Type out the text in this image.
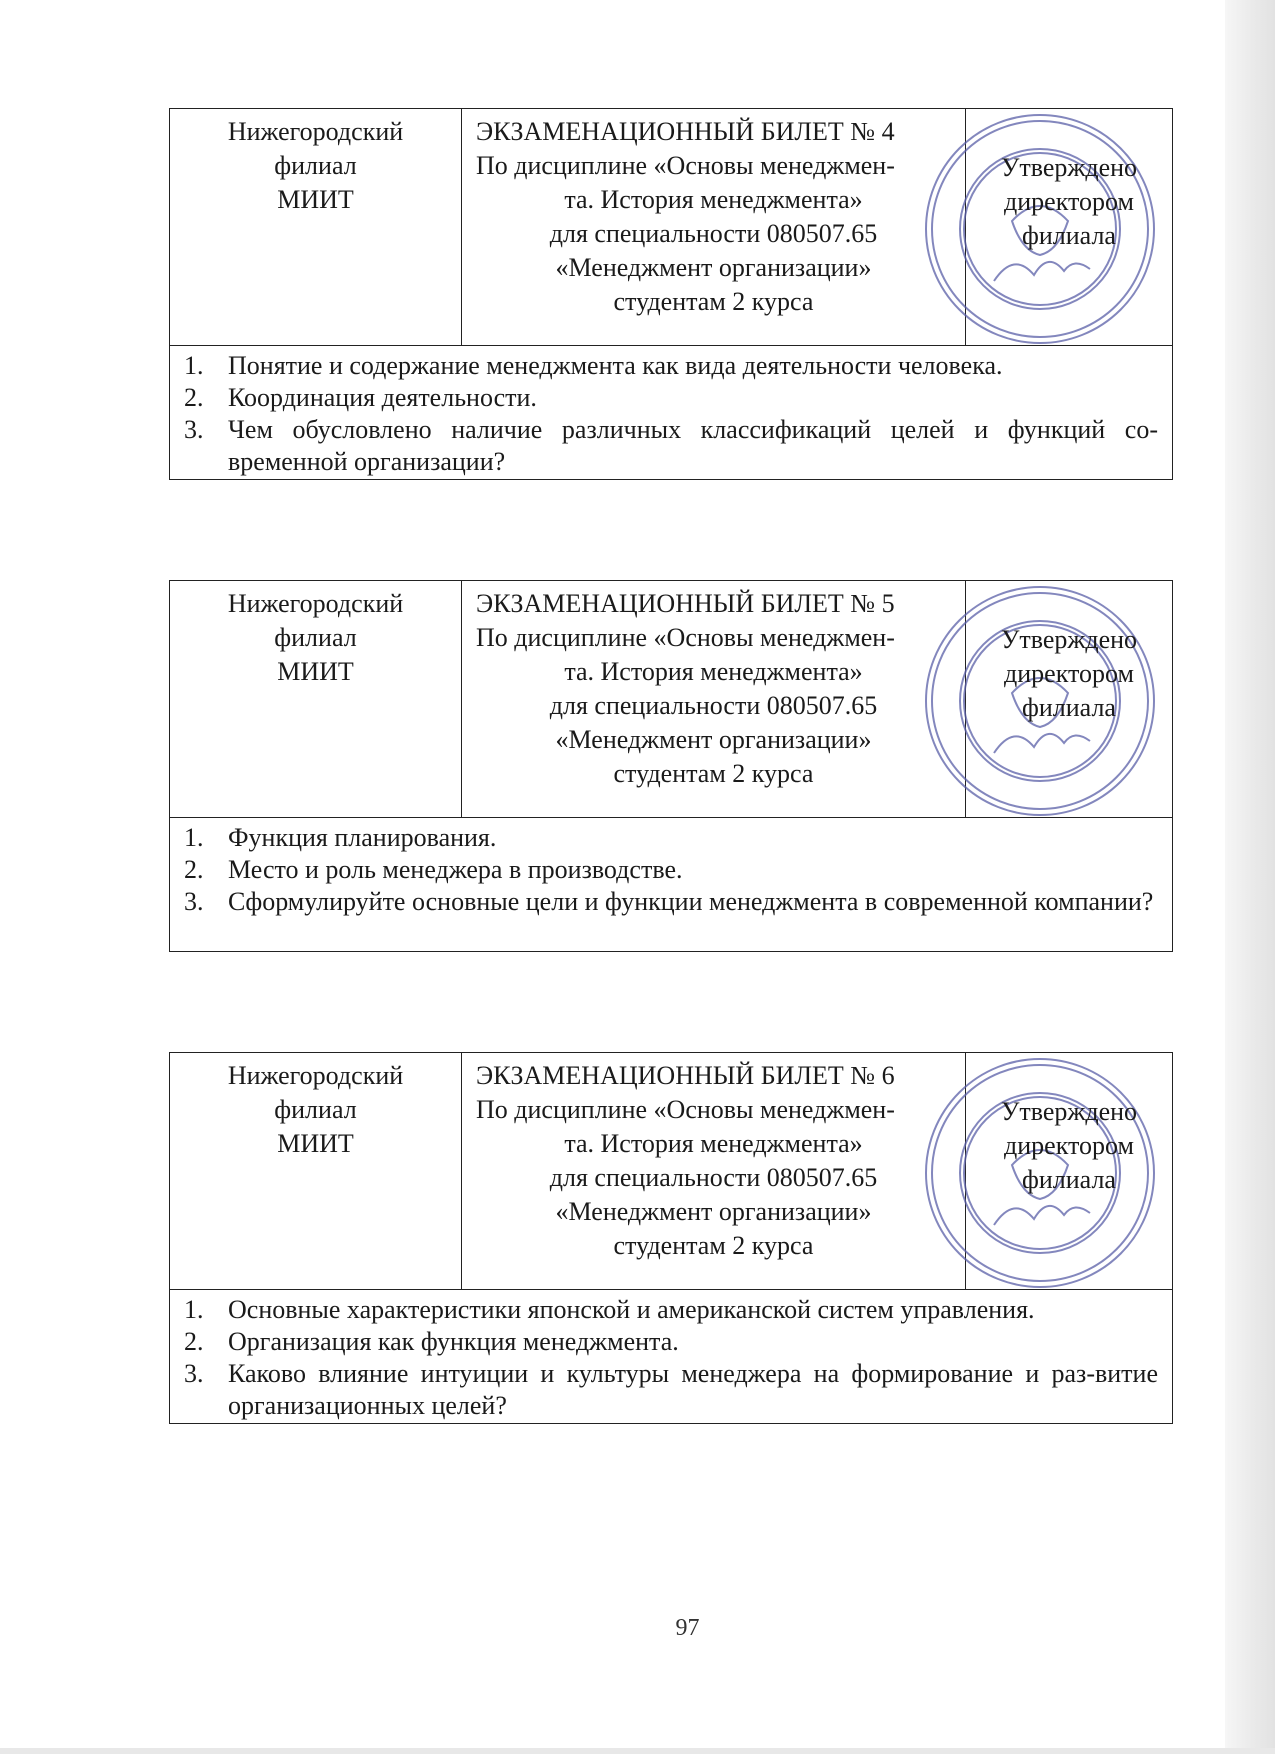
Нижегородский
филиал
МИИТ
ЭКЗАМЕНАЦИОННЫЙ БИЛЕТ № 4
По дисциплине «Основы менеджмен-
та. История менеджмента»
для специальности 080507.65
«Менеджмент организации»
студентам 2 курса
Утверждено
директором
филиала
1. Понятие и содержание менеджмента как вида деятельности человека.
2. Координация деятельности.
3. Чем обусловлено наличие различных классификаций целей и функций со-временной организации?
Нижегородский
филиал
МИИТ
ЭКЗАМЕНАЦИОННЫЙ БИЛЕТ № 5
По дисциплине «Основы менеджмен-
та. История менеджмента»
для специальности 080507.65
«Менеджмент организации»
студентам 2 курса
Утверждено
директором
филиала
1. Функция планирования.
2. Место и роль менеджера в производстве.
3. Сформулируйте основные цели и функции менеджмента в современной компании?
Нижегородский
филиал
МИИТ
ЭКЗАМЕНАЦИОННЫЙ БИЛЕТ № 6
По дисциплине «Основы менеджмен-
та. История менеджмента»
для специальности 080507.65
«Менеджмент организации»
студентам 2 курса
Утверждено
директором
филиала
1. Основные характеристики японской и американской систем управления.
2. Организация как функция менеджмента.
3. Каково влияние интуиции и культуры менеджера на формирование и раз-витие организационных целей?
97
